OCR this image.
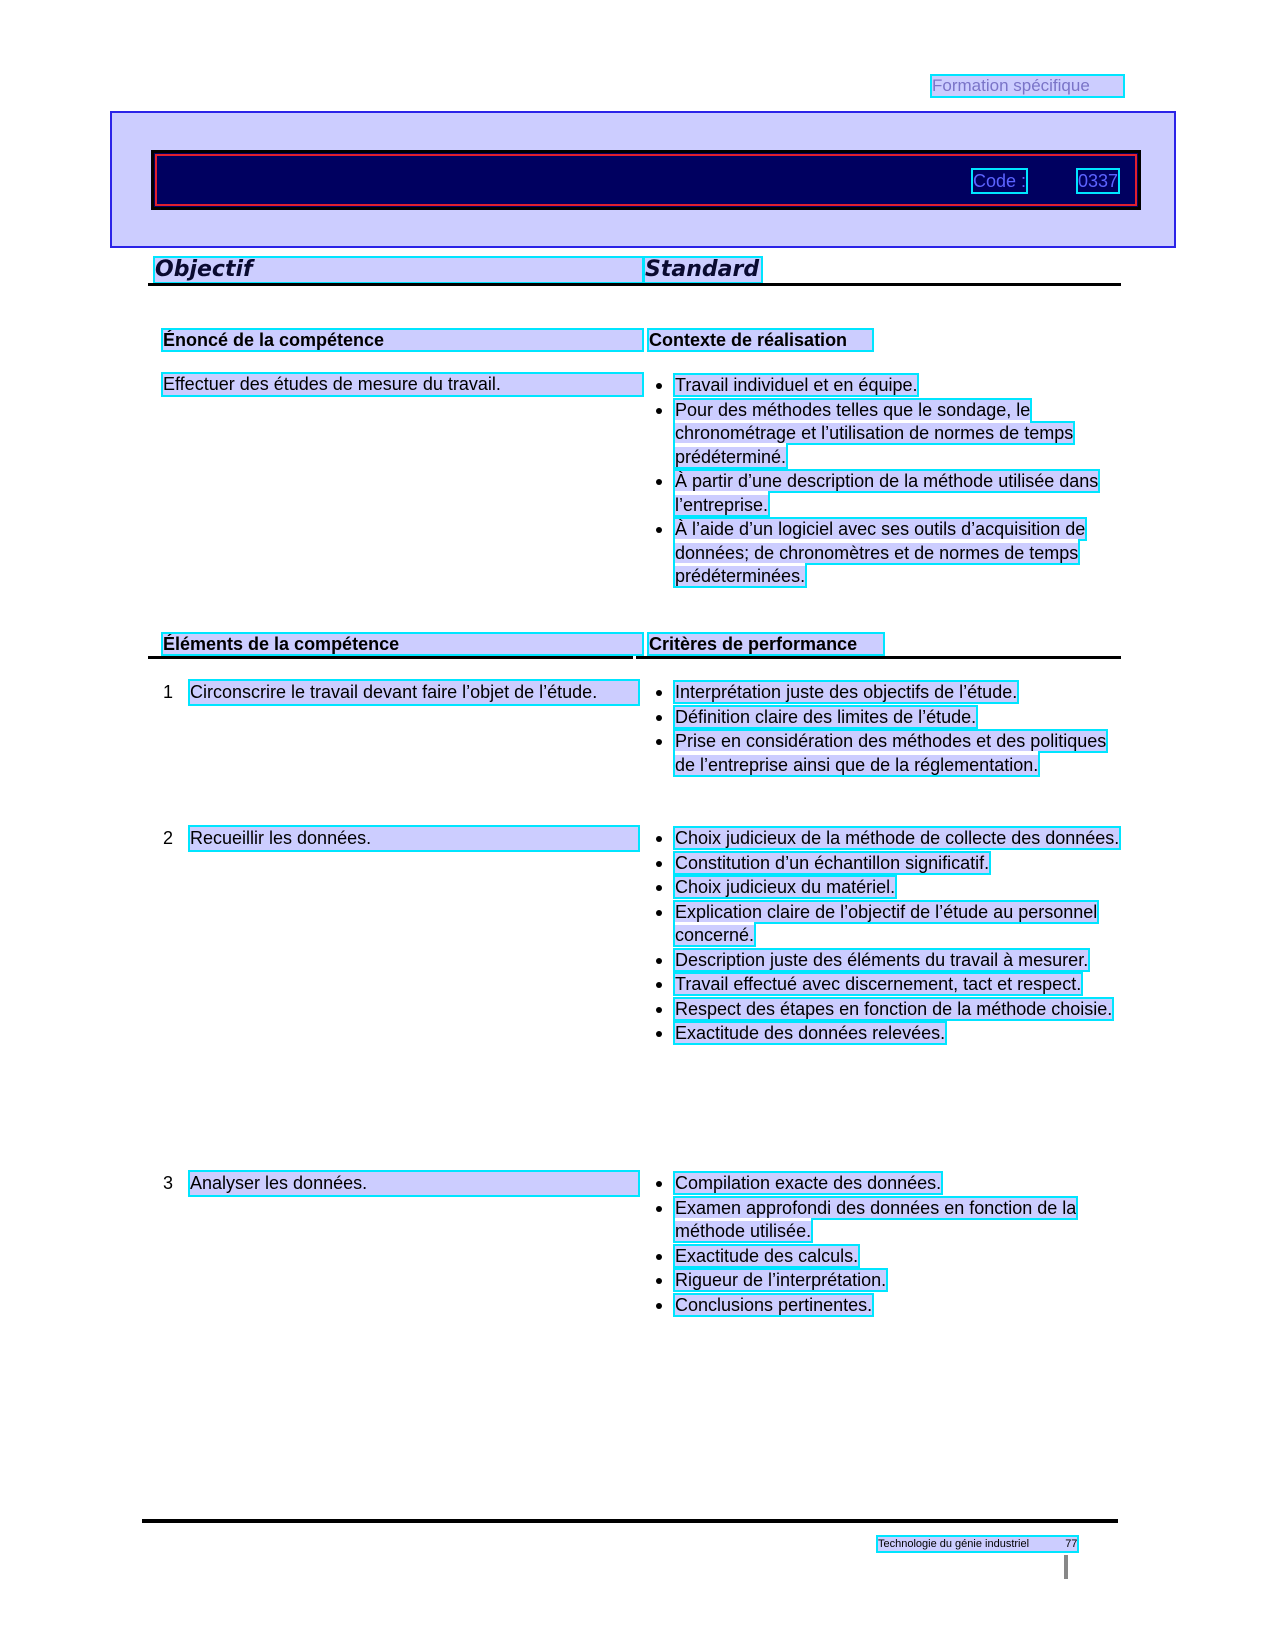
Formation spécifique
Code :	0337
Objectif	Standard
Énoncé de la compétence	Contexte de réalisation
Effectuer des études de mesure du travail.	Travail individuel et en équipe.
Pour des méthodes telles que le sondage, le chronométrage et l’utilisation de normes de temps prédéterminé.
À partir d’une description de la méthode utilisée dans l’entreprise.
À l’aide d’un logiciel avec ses outils d’acquisition de données; de chronomètres et de normes de temps prédéterminées.
Éléments de la compétence	Critères de performance
1 Circonscrire le travail devant faire l’objet de l’étude.	Interprétation juste des objectifs de l’étude.
Définition claire des limites de l’étude.
Prise en considération des méthodes et des politiques de l’entreprise ainsi que de la réglementation.
2 Recueillir les données.	Choix judicieux de la méthode de collecte des données.
Constitution d’un échantillon significatif.
Choix judicieux du matériel.
Explication claire de l’objectif de l’étude au personnel concerné.
Description juste des éléments du travail à mesurer.
Travail effectué avec discernement, tact et respect.
Respect des étapes en fonction de la méthode choisie.
Exactitude des données relevées.
3 Analyser les données.	Compilation exacte des données.
Examen approfondi des données en fonction de la méthode utilisée.
Exactitude des calculs.
Rigueur de l’interprétation.
Conclusions pertinentes.
Technologie du génie industriel	77
